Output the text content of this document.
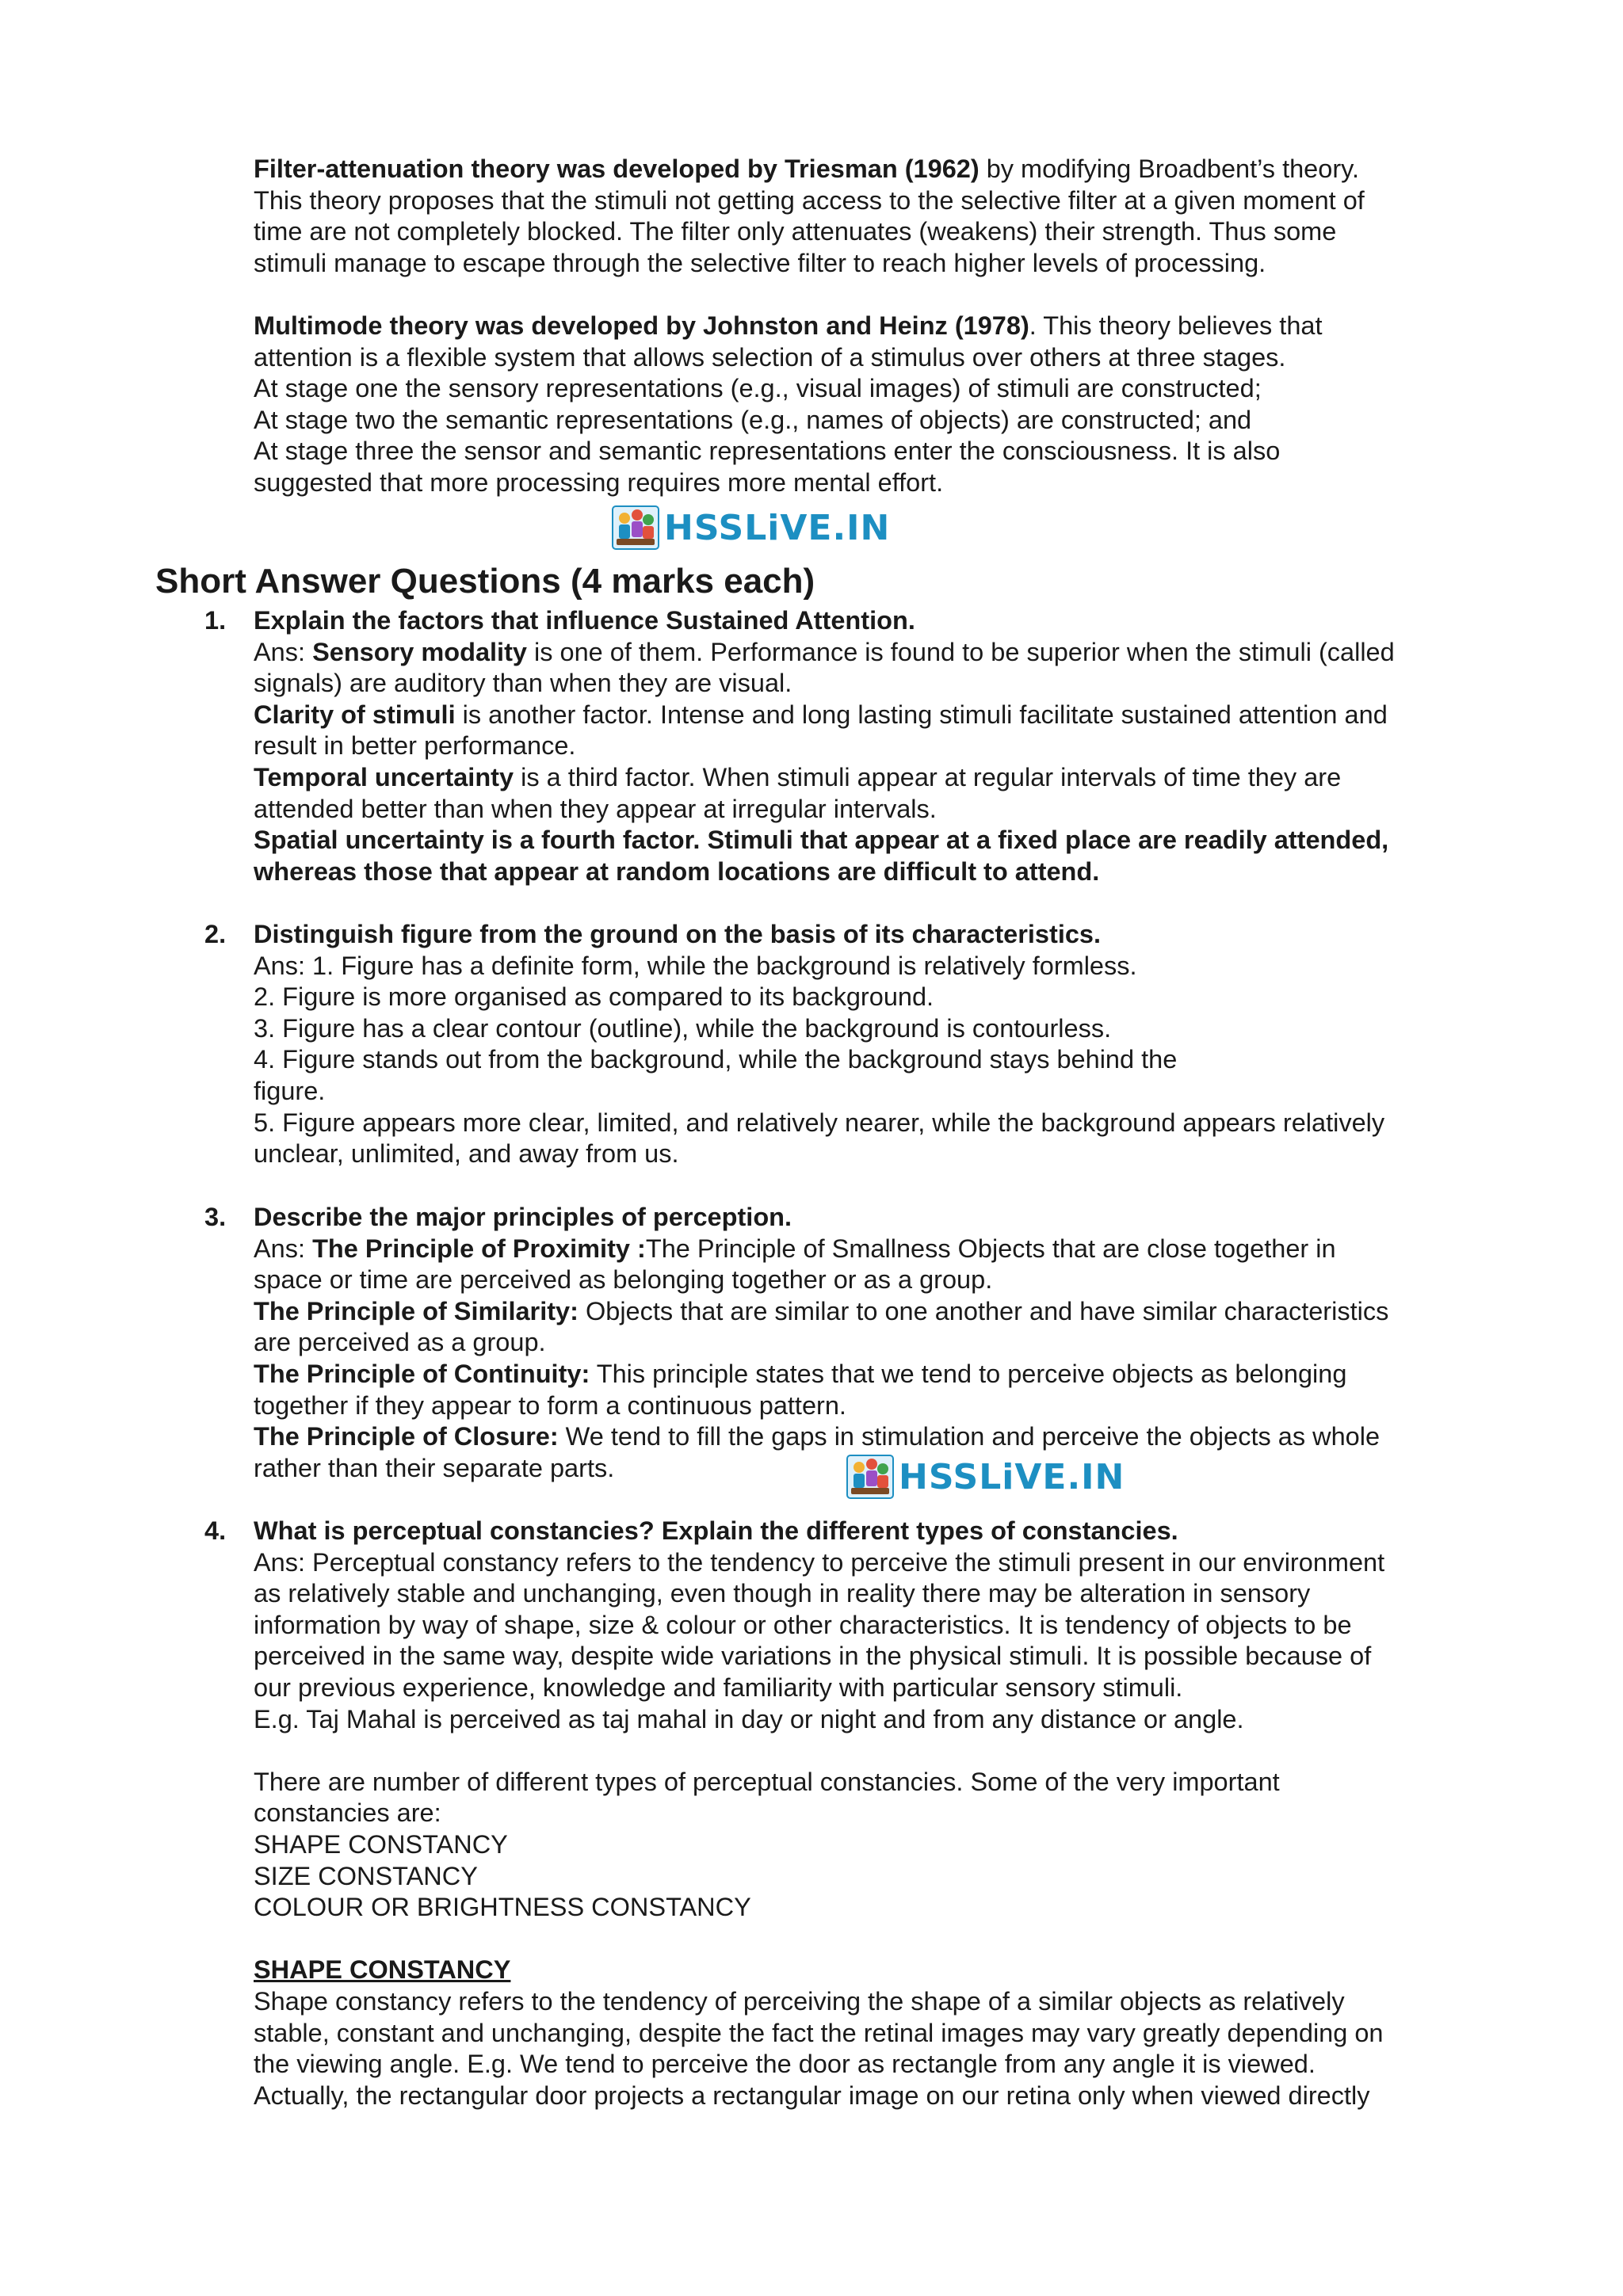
Filter-attenuation theory was developed by Triesman (1962) by modifying Broadbent’s theory.

This theory proposes that the stimuli not getting access to the selective filter at a given moment of

time are not completely blocked. The filter only attenuates (weakens) their strength. Thus some

stimuli manage to escape through the selective filter to reach higher levels of processing.

Multimode theory was developed by Johnston and Heinz (1978). This theory believes that

attention is a flexible system that allows selection of a stimulus over others at three stages.

At stage one the sensory representations (e.g., visual images) of stimuli are constructed;

At stage two the semantic representations (e.g., names of objects) are constructed; and

At stage three the sensor and semantic representations enter the consciousness. It is also

suggested that more processing requires more mental effort.

HSSLiVE.IN
Short Answer Questions (4 marks each)
1.	Explain the factors that influence Sustained Attention.

Ans: Sensory modality is one of them. Performance is found to be superior when the stimuli (called

signals) are auditory than when they are visual.

Clarity of stimuli is another factor. Intense and long lasting stimuli facilitate sustained attention and

result in better performance.

Temporal uncertainty is a third factor. When stimuli appear at regular intervals of time they are

attended better than when they appear at irregular intervals.

Spatial uncertainty is a fourth factor. Stimuli that appear at a fixed place are readily attended,

whereas those that appear at random locations are difficult to attend.

2.	Distinguish figure from the ground on the basis of its characteristics.

Ans: 1. Figure has a definite form, while the background is relatively formless.

2. Figure is more organised as compared to its background.

3. Figure has a clear contour (outline), while the background is contourless.

4. Figure stands out from the background, while the background stays behind the

figure.

5. Figure appears more clear, limited, and relatively nearer, while the background appears relatively

unclear, unlimited, and away from us.

3.	Describe the major principles of perception.

Ans: The Principle of Proximity :The Principle of Smallness Objects that are close together in

space or time are perceived as belonging together or as a group.

The Principle of Similarity: Objects that are similar to one another and have similar characteristics

are perceived as a group.

The Principle of Continuity: This principle states that we tend to perceive objects as belonging

together if they appear to form a continuous pattern.

The Principle of Closure: We tend to fill the gaps in stimulation and perceive the objects as whole

rather than their separate parts.	HSSLiVE.IN
4.	What is perceptual constancies? Explain the different types of constancies.

Ans: Perceptual constancy refers to the tendency to perceive the stimuli present in our environment

as relatively stable and unchanging, even though in reality there may be alteration in sensory

information by way of shape, size & colour or other characteristics. It is tendency of objects to be

perceived in the same way, despite wide variations in the physical stimuli. It is possible because of

our previous experience, knowledge and familiarity with particular sensory stimuli.

E.g. Taj Mahal is perceived as taj mahal in day or night and from any distance or angle.

There are number of different types of perceptual constancies. Some of the very important

constancies are:

SHAPE CONSTANCY

SIZE CONSTANCY

COLOUR OR BRIGHTNESS CONSTANCY

SHAPE CONSTANCY

Shape constancy refers to the tendency of perceiving the shape of a similar objects as relatively

stable, constant and unchanging, despite the fact the retinal images may vary greatly depending on

the viewing angle. E.g. We tend to perceive the door as rectangle from any angle it is viewed.

Actually, the rectangular door projects a rectangular image on our retina only when viewed directly
